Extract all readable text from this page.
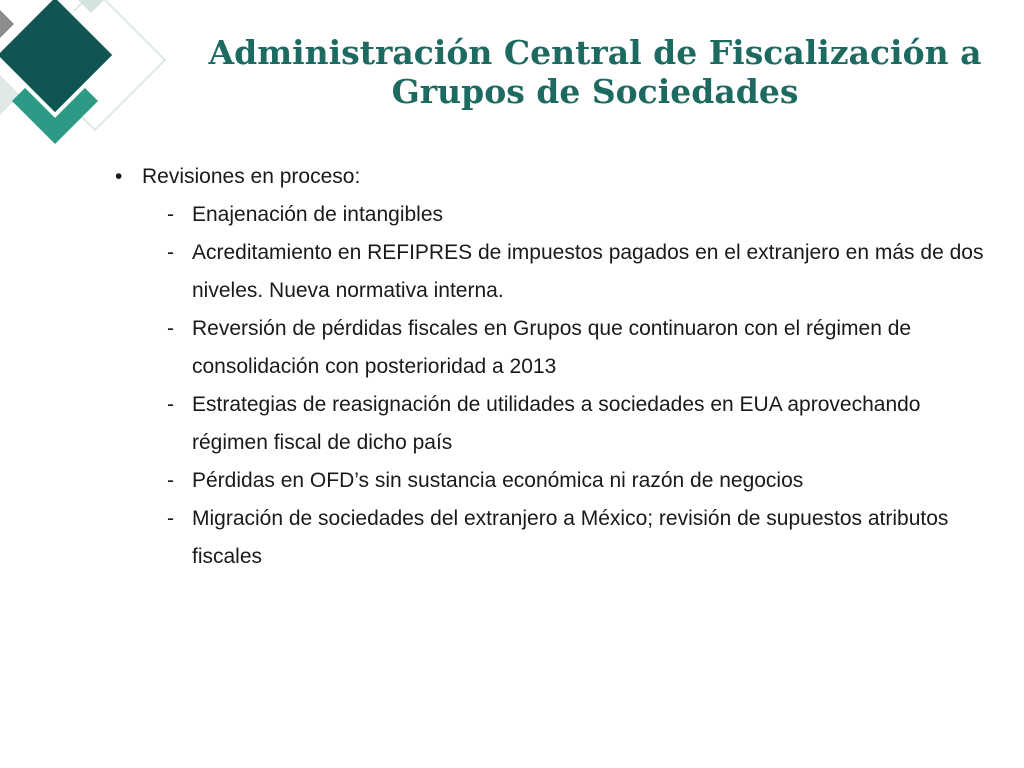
Administración Central de Fiscalización a
Grupos de Sociedades
• Revisiones en proceso:
- Enajenación de intangibles
- Acreditamiento en REFIPRES de impuestos pagados en el extranjero en más de dos niveles. Nueva normativa interna.
- Reversión de pérdidas fiscales en Grupos que continuaron con el régimen de consolidación con posterioridad a 2013
- Estrategias de reasignación de utilidades a sociedades en EUA aprovechando régimen fiscal de dicho país
- Pérdidas en OFD’s sin sustancia económica ni razón de negocios
- Migración de sociedades del extranjero a México; revisión de supuestos atributos fiscales
